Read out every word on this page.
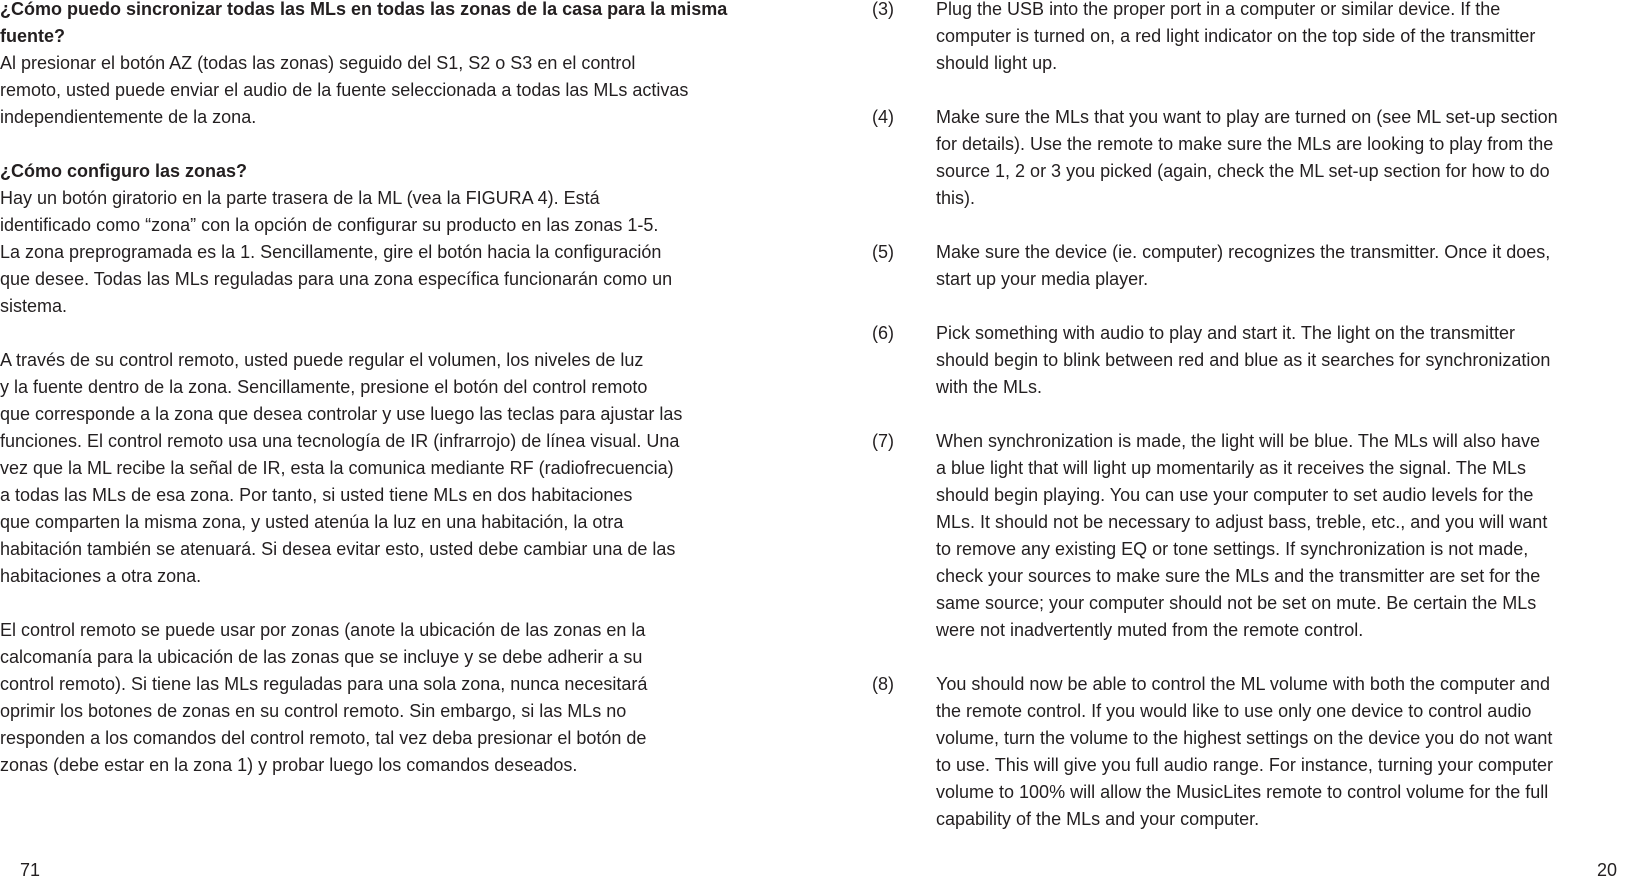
¿Cómo puedo sincronizar todas las MLs en todas las zonas de la casa para la misma
fuente?
Al presionar el botón AZ (todas las zonas) seguido del S1, S2 o S3 en el control
remoto, usted puede enviar el audio de la fuente seleccionada a todas las MLs activas
independientemente de la zona.
¿Cómo configuro las zonas?
Hay un botón giratorio en la parte trasera de la ML (vea la FIGURA 4). Está
identificado como “zona” con la opción de configurar su producto en las zonas 1-5.
La zona preprogramada es la 1. Sencillamente, gire el botón hacia la configuración
que desee. Todas las MLs reguladas para una zona específica funcionarán como un
sistema.
A través de su control remoto, usted puede regular el volumen, los niveles de luz
y la fuente dentro de la zona. Sencillamente, presione el botón del control remoto
que corresponde a la zona que desea controlar y use luego las teclas para ajustar las
funciones. El control remoto usa una tecnología de IR (infrarrojo) de línea visual. Una
vez que la ML recibe la señal de IR, esta la comunica mediante RF (radiofrecuencia)
a todas las MLs de esa zona. Por tanto, si usted tiene MLs en dos habitaciones
que comparten la misma zona, y usted atenúa la luz en una habitación, la otra
habitación también se atenuará. Si desea evitar esto, usted debe cambiar una de las
habitaciones a otra zona.
El control remoto se puede usar por zonas (anote la ubicación de las zonas en la
calcomanía para la ubicación de las zonas que se incluye y se debe adherir a su
control remoto). Si tiene las MLs reguladas para una sola zona, nunca necesitará
oprimir los botones de zonas en su control remoto. Sin embargo, si las MLs no
responden a los comandos del control remoto, tal vez deba presionar el botón de
zonas (debe estar en la zona 1) y probar luego los comandos deseados.
71
(3)	Plug the USB into the proper port in a computer or similar device. If the
computer is turned on, a red light indicator on the top side of the transmitter
should light up.
(4)	Make sure the MLs that you want to play are turned on (see ML set-up section
for details). Use the remote to make sure the MLs are looking to play from the
source 1, 2 or 3 you picked (again, check the ML set-up section for how to do
this).
(5)	Make sure the device (ie. computer) recognizes the transmitter. Once it does,
start up your media player.
(6)	Pick something with audio to play and start it. The light on the transmitter
should begin to blink between red and blue as it searches for synchronization
with the MLs.
(7)	When synchronization is made, the light will be blue. The MLs will also have
a blue light that will light up momentarily as it receives the signal. The MLs
should begin playing. You can use your computer to set audio levels for the
MLs. It should not be necessary to adjust bass, treble, etc., and you will want
to remove any existing EQ or tone settings. If synchronization is not made,
check your sources to make sure the MLs and the transmitter are set for the
same source; your computer should not be set on mute. Be certain the MLs
were not inadvertently muted from the remote control.
(8)	You should now be able to control the ML volume with both the computer and
the remote control. If you would like to use only one device to control audio
volume, turn the volume to the highest settings on the device you do not want
to use. This will give you full audio range. For instance, turning your computer
volume to 100% will allow the MusicLites remote to control volume for the full
capability of the MLs and your computer.
20
